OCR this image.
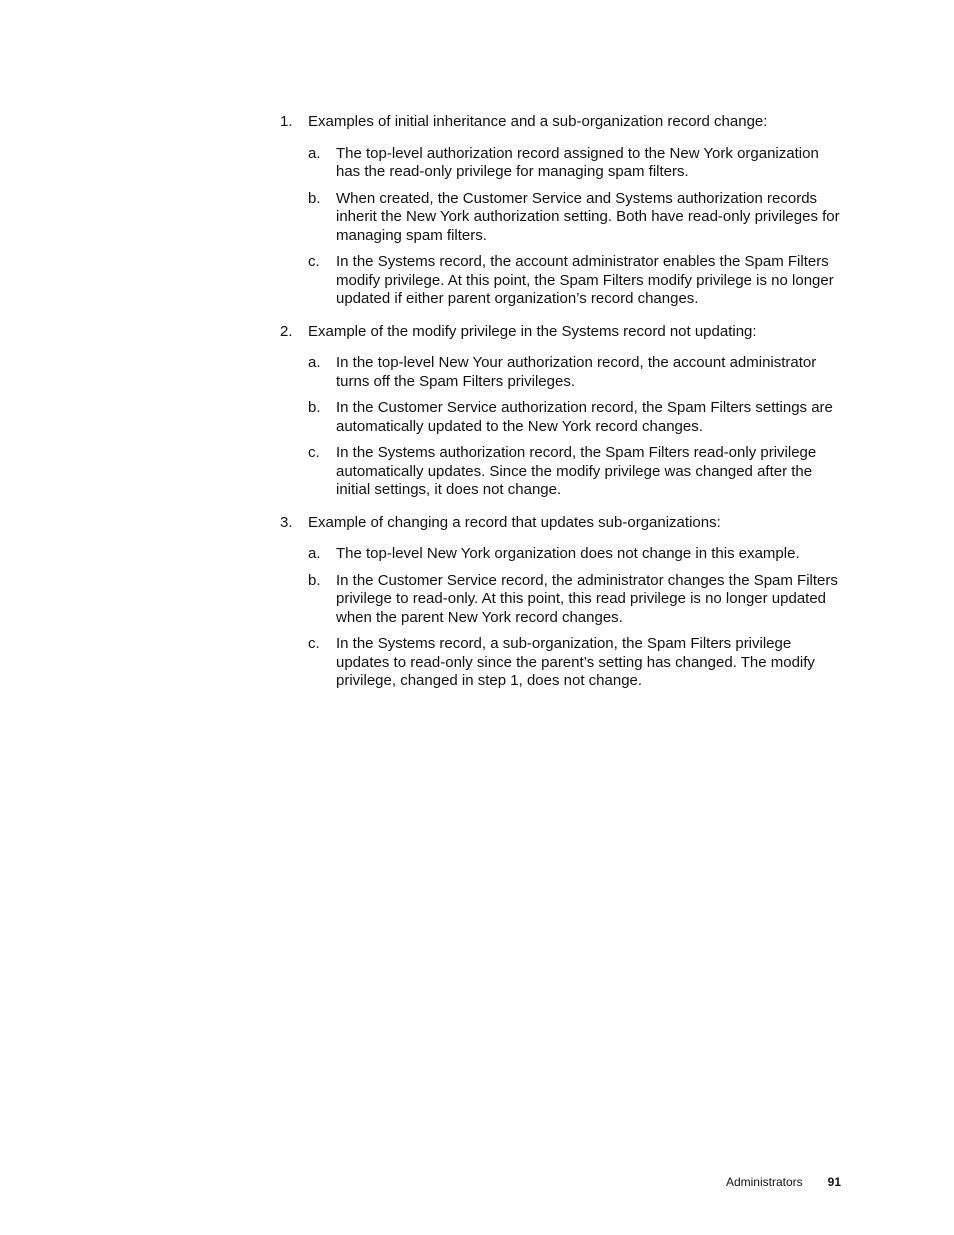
1.	Examples of initial inheritance and a sub-organization record change:
a.	The top-level authorization record assigned to the New York organization has the read-only privilege for managing spam filters.
b.	When created, the Customer Service and Systems authorization records inherit the New York authorization setting. Both have read-only privileges for managing spam filters.
c.	In the Systems record, the account administrator enables the Spam Filters modify privilege. At this point, the Spam Filters modify privilege is no longer updated if either parent organization’s record changes.
2.	Example of the modify privilege in the Systems record not updating:
a.	In the top-level New Your authorization record, the account administrator turns off the Spam Filters privileges.
b.	In the Customer Service authorization record, the Spam Filters settings are automatically updated to the New York record changes.
c.	In the Systems authorization record, the Spam Filters read-only privilege automatically updates. Since the modify privilege was changed after the initial settings, it does not change.
3.	Example of changing a record that updates sub-organizations:
a.	The top-level New York organization does not change in this example.
b.	In the Customer Service record, the administrator changes the Spam Filters privilege to read-only. At this point, this read privilege is no longer updated when the parent New York record changes.
c.	In the Systems record, a sub-organization, the Spam Filters privilege updates to read-only since the parent’s setting has changed. The modify privilege, changed in step 1, does not change.
Administrators 91
